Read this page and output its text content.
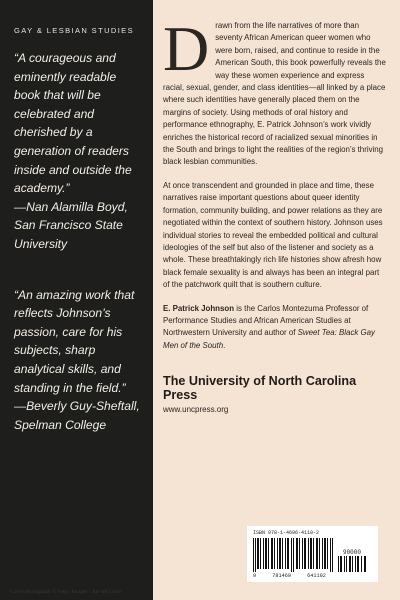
GAY & LESBIAN STUDIES

“A courageous and eminently readable book that will be celebrated and cherished by a generation of readers inside and outside the academy.”
—Nan Alamilla Boyd, San Francisco State University

“An amazing work that reflects Johnson’s passion, care for his subjects, sharp analytical skills, and standing in the field.”
—Beverly Guy-Sheftall, Spelman College

Drawn from the life narratives of more than seventy African American queer women who were born, raised, and continue to reside in the American South, this book powerfully reveals the way these women experience and express racial, sexual, gender, and class identities—all linked by a place where such identities have generally placed them on the margins of society. Using methods of oral history and performance ethnography, E. Patrick Johnson’s work vividly enriches the historical record of racialized sexual minorities in the South and brings to light the realities of the region’s thriving black lesbian communities.

At once transcendent and grounded in place and time, these narratives raise important questions about queer identity formation, community building, and power relations as they are negotiated within the context of southern history. Johnson uses individual stories to reveal the embedded political and cultural ideologies of the self but also of the listener and society as a whole. These breathtakingly rich life histories show afresh how black female sexuality is and always has been an integral part of the patchwork quilt that is southern culture.

E. Patrick Johnson is the Carlos Montezuma Professor of Performance Studies and African American Studies at Northwestern University and author of Sweet Tea: Black Gay Men of the South.

The University of North Carolina Press
www.uncpress.org
ISBN 978-1-4696-4110-2
90000
9	781469	641102
Cover photograph © Getty Images / Jim McGuire.
